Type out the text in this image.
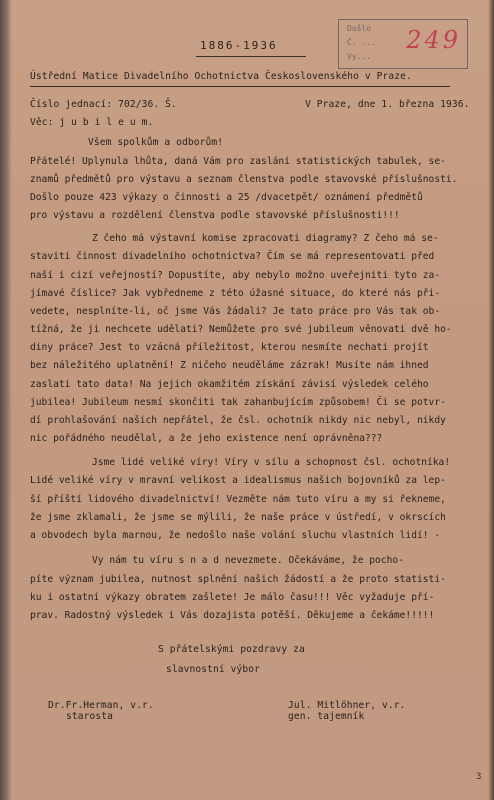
1886-1936
Došlo
Č. ...
Vy...
249
Ústřední Matice Divadelního Ochotnictva Československého v Praze.
Číslo jednací: 702/36. Š.	V Praze, dne 1. března 1936.
Věc: j u b i l e u m.
Všem spolkům a odborům!

Přátelé! Uplynula lhůta, daná Vám pro zaslání statistických tabulek, se-

znamů předmětů pro výstavu a seznam členstva podle stavovské příslušnosti.

Došlo pouze 423 výkazy o činnosti a 25 /dvacetpět/ oznámení předmětů

pro výstavu a rozdělení členstva podle stavovské příslušnosti!!!

Z čeho má výstavní komise zpracovati diagramy? Z čeho má se-

staviti činnost divadelního ochotnictva? Čím se má representovati před

naší i cizí veřejností? Dopustíte, aby nebylo možno uveřejniti tyto za-

jímavé číslice? Jak vybředneme z této úžasné situace, do které nás při-

vedete, nesplníte-li, oč jsme Vás žádali? Je tato práce pro Vás tak ob-

tížná, že ji nechcete udělati? Nemůžete pro své jubileum věnovati dvě ho-

diny práce? Jest to vzácná příležitost, kterou nesmíte nechati projít

bez náležitého uplatnění! Z ničeho neuděláme zázrak! Musíte nám ihned

zaslati tato data! Na jejich okamžitém získání závisí výsledek celého

jubilea! Jubileum nesmí skončiti tak zahanbujícím způsobem! Či se potvr-

dí prohlašování našich nepřátel, že čsl. ochotník nikdy nic nebyl, nikdy

nic pořádného neudělal, a že jeho existence není oprávněna???

Jsme lidé veliké víry! Víry v sílu a schopnost čsl. ochotníka!

Lidé veliké víry v mravní velikost a idealismus našich bojovníků za lep-

ší příští lidového divadelnictví! Vezměte nám tuto víru a my si řekneme,

že jsme zklamali, že jsme se mýlili, že naše práce v ústředí, v okrscích

a obvodech byla marnou, že nedošlo naše volání sluchu vlastních lidí! -

Vy nám tu víru s n a d nevezmete. Očekáváme, že pocho-

píte význam jubilea, nutnost splnění našich žádostí a že proto statisti-

ku i ostatní výkazy obratem zašlete! Je málo času!!! Věc vyžaduje pří-

prav. Radostný výsledek i Vás dozajista potěší. Děkujeme a čekáme!!!!!

S přátelskými pozdravy za
slavnostní výbor
Dr.Fr.Herman, v.r.
starosta
Jul. Mitlöhner, v.r.
gen. tajemník
3
